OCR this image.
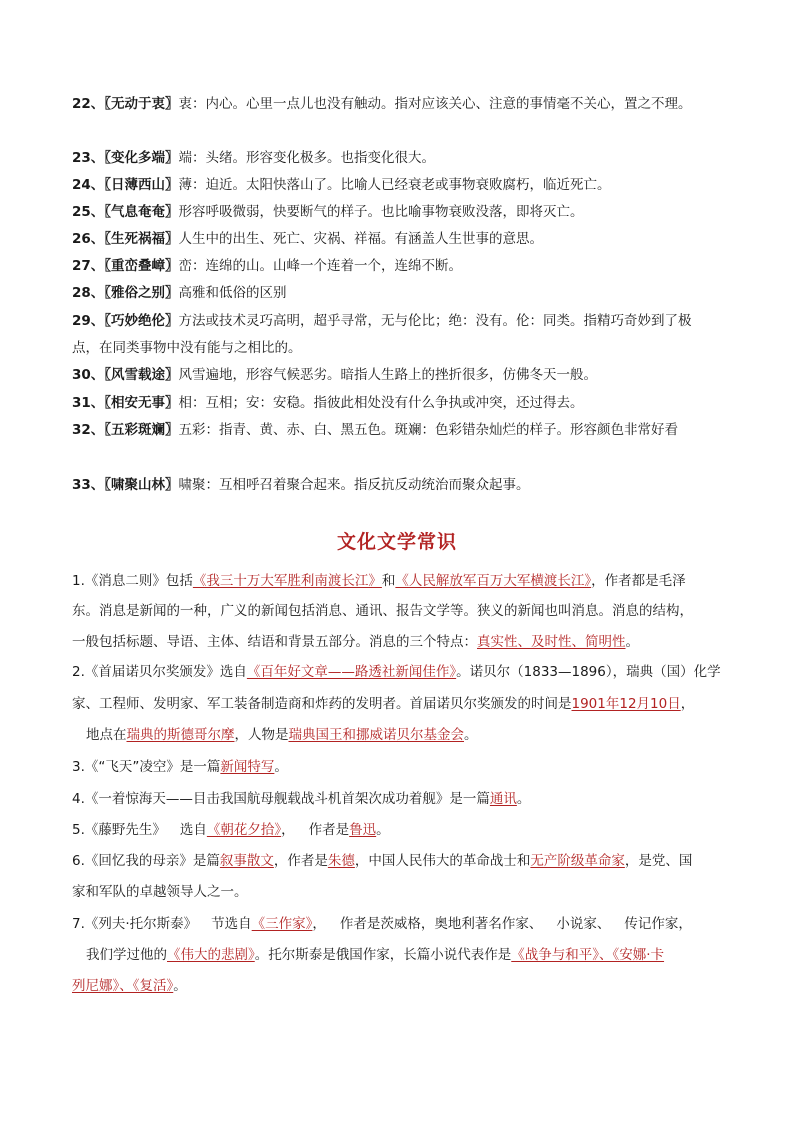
22、〖无动于衷〗衷：内心。心里一点儿也没有触动。指对应该关心、注意的事情毫不关心，置之不理。
23、〖变化多端〗端：头绪。形容变化极多。也指变化很大。
24、〖日薄西山〗薄：迫近。太阳快落山了。比喻人已经衰老或事物衰败腐朽，临近死亡。
25、〖气息奄奄〗形容呼吸微弱，快要断气的样子。也比喻事物衰败没落，即将灭亡。
26、〖生死祸福〗人生中的出生、死亡、灾祸、祥福。有涵盖人生世事的意思。
27、〖重峦叠嶂〗峦：连绵的山。山峰一个连着一个，连绵不断。
28、〖雅俗之别〗高雅和低俗的区别
29、〖巧妙绝伦〗方法或技术灵巧高明，超乎寻常，无与伦比；绝：没有。伦：同类。指精巧奇妙到了极
点，在同类事物中没有能与之相比的。
30、〖风雪载途〗风雪遍地，形容气候恶劣。暗指人生路上的挫折很多，仿佛冬天一般。
31、〖相安无事〗相：互相；安：安稳。指彼此相处没有什么争执或冲突，还过得去。
32、〖五彩斑斓〗五彩：指青、黄、赤、白、黑五色。斑斓：色彩错杂灿烂的样子。形容颜色非常好看
33、〖啸聚山林〗啸聚：互相呼召着聚合起来。指反抗反动统治而聚众起事。
文化文学常识
1.《消息二则》包括《我三十万大军胜利南渡长江》和《人民解放军百万大军横渡长江》，作者都是毛泽
东。消息是新闻的一种，广义的新闻包括消息、通讯、报告文学等。狭义的新闻也叫消息。消息的结构，
一般包括标题、导语、主体、结语和背景五部分。消息的三个特点：真实性、及时性、简明性。
2.《首届诺贝尔奖颁发》选自《百年好文章——路透社新闻佳作》。诺贝尔（1833—1896），瑞典（国）化学
家、工程师、发明家、军工装备制造商和炸药的发明者。首届诺贝尔奖颁发的时间是1901年12月10日，
地点在瑞典的斯德哥尔摩，人物是瑞典国王和挪威诺贝尔基金会。
3.《“飞天”凌空》是一篇新闻特写。
4.《一着惊海天——目击我国航母舰载战斗机首架次成功着舰》是一篇通讯。
5.《藤野先生》 选自《朝花夕拾》， 作者是鲁迅。
6.《回忆我的母亲》是篇叙事散文，作者是朱德，中国人民伟大的革命战士和无产阶级革命家，是党、国
家和军队的卓越领导人之一。
7.《列夫·托尔斯泰》 节选自《三作家》， 作者是茨威格，奥地利著名作家、 小说家、 传记作家，
我们学过他的《伟大的悲剧》。托尔斯泰是俄国作家，长篇小说代表作是《战争与和平》、《安娜·卡
列尼娜》、《复活》。
